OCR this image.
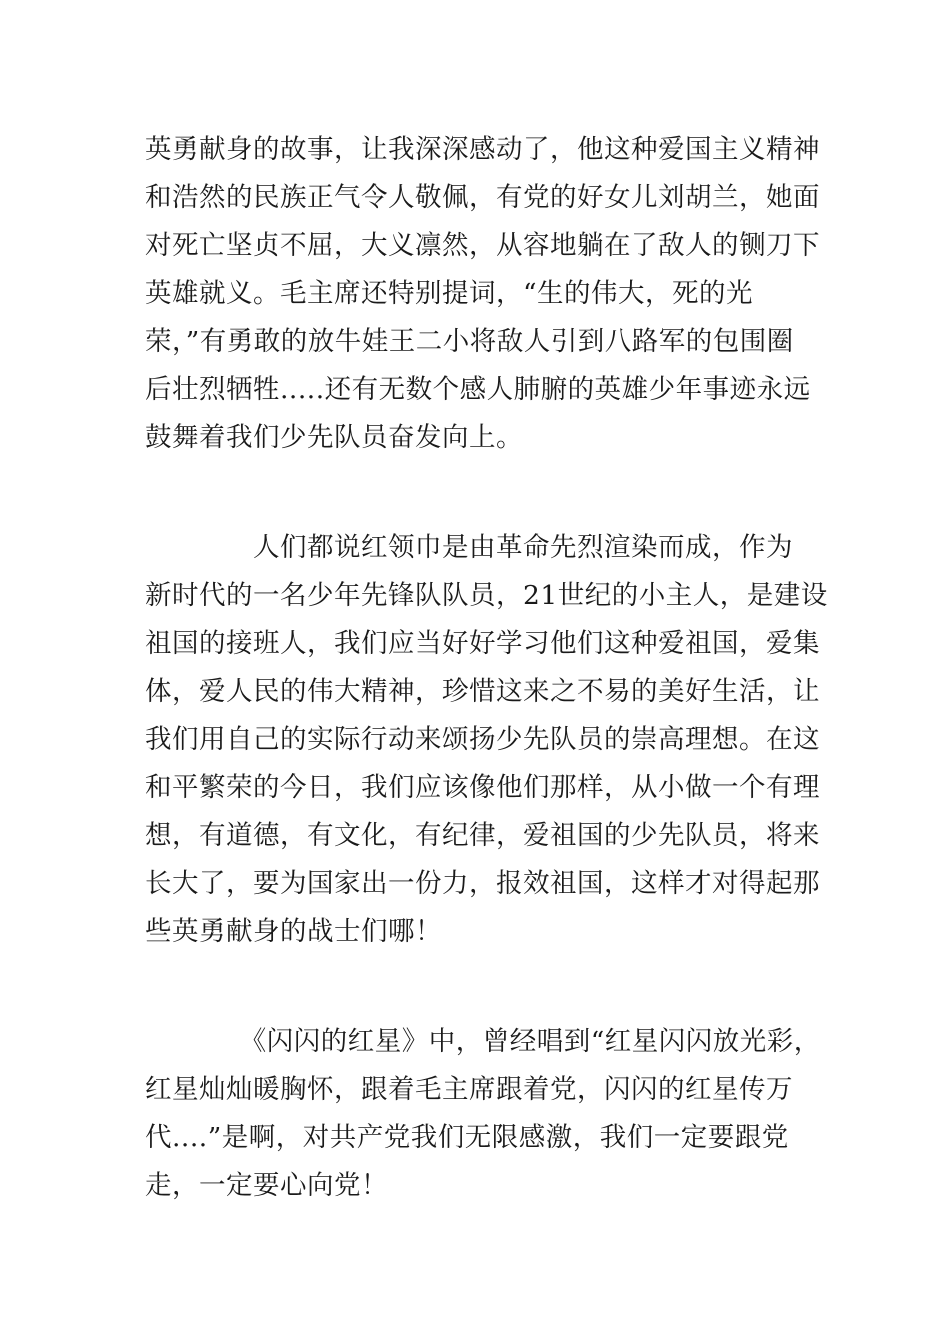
英勇献身的故事，让我深深感动了，他这种爱国主义精神
和浩然的民族正气令人敬佩，有党的好女儿刘胡兰，她面
对死亡坚贞不屈，大义凛然，从容地躺在了敌人的铡刀下
英雄就义。毛主席还特别提词，“生的伟大，死的光
荣，”有勇敢的放牛娃王二小将敌人引到八路军的包围圈
后壮烈牺牲.....还有无数个感人肺腑的英雄少年事迹永远
鼓舞着我们少先队员奋发向上。
　　　　人们都说红领巾是由革命先烈渲染而成，作为
新时代的一名少年先锋队队员，21世纪的小主人，是建设
祖国的接班人，我们应当好好学习他们这种爱祖国，爱集
体，爱人民的伟大精神，珍惜这来之不易的美好生活，让
我们用自己的实际行动来颂扬少先队员的崇高理想。在这
和平繁荣的今日，我们应该像他们那样，从小做一个有理
想，有道德，有文化，有纪律，爱祖国的少先队员，将来
长大了，要为国家出一份力，报效祖国，这样才对得起那
些英勇献身的战士们哪！
　　　　《闪闪的红星》中，曾经唱到“红星闪闪放光彩，
红星灿灿暖胸怀，跟着毛主席跟着党，闪闪的红星传万
代....”是啊，对共产党我们无限感激，我们一定要跟党
走，一定要心向党！
